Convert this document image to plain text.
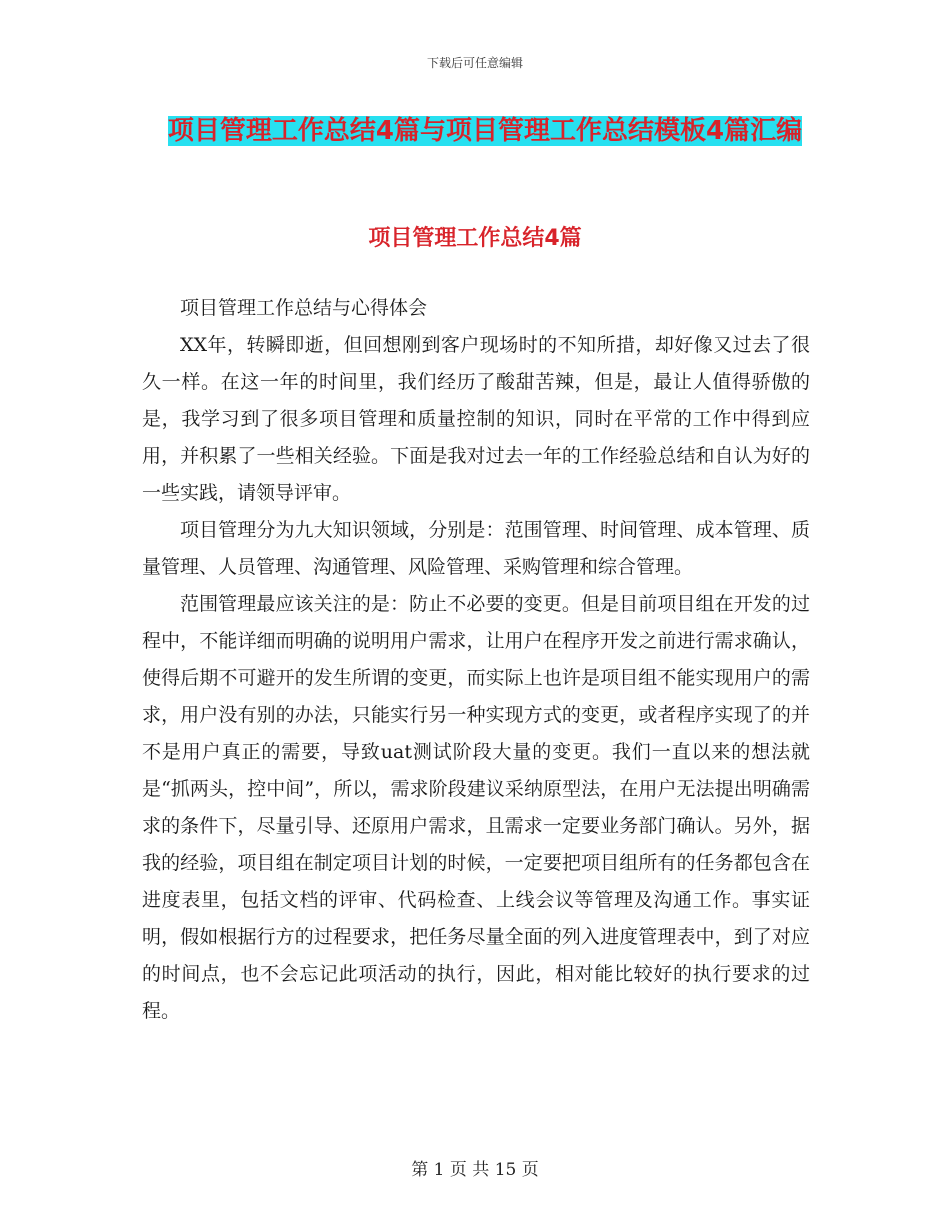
下载后可任意编辑
项目管理工作总结4篇与项目管理工作总结模板4篇汇编
项目管理工作总结4篇

项目管理工作总结与心得体会

XX年，转瞬即逝，但回想刚到客户现场时的不知所措，却好像又过去了很久一样。在这一年的时间里，我们经历了酸甜苦辣，但是，最让人值得骄傲的是，我学习到了很多项目管理和质量控制的知识，同时在平常的工作中得到应用，并积累了一些相关经验。下面是我对过去一年的工作经验总结和自认为好的一些实践，请领导评审。

项目管理分为九大知识领域，分别是：范围管理、时间管理、成本管理、质量管理、人员管理、沟通管理、风险管理、采购管理和综合管理。

范围管理最应该关注的是：防止不必要的变更。但是目前项目组在开发的过程中，不能详细而明确的说明用户需求，让用户在程序开发之前进行需求确认，使得后期不可避开的发生所谓的变更，而实际上也许是项目组不能实现用户的需求，用户没有别的办法，只能实行另一种实现方式的变更，或者程序实现了的并不是用户真正的需要，导致uat测试阶段大量的变更。我们一直以来的想法就是“抓两头，控中间”，所以，需求阶段建议采纳原型法，在用户无法提出明确需求的条件下，尽量引导、还原用户需求，且需求一定要业务部门确认。另外，据我的经验，项目组在制定项目计划的时候，一定要把项目组所有的任务都包含在进度表里，包括文档的评审、代码检查、上线会议等管理及沟通工作。事实证明，假如根据行方的过程要求，把任务尽量全面的列入进度管理表中，到了对应的时间点，也不会忘记此项活动的执行，因此，相对能比较好的执行要求的过程。

第 1 页 共 15 页
